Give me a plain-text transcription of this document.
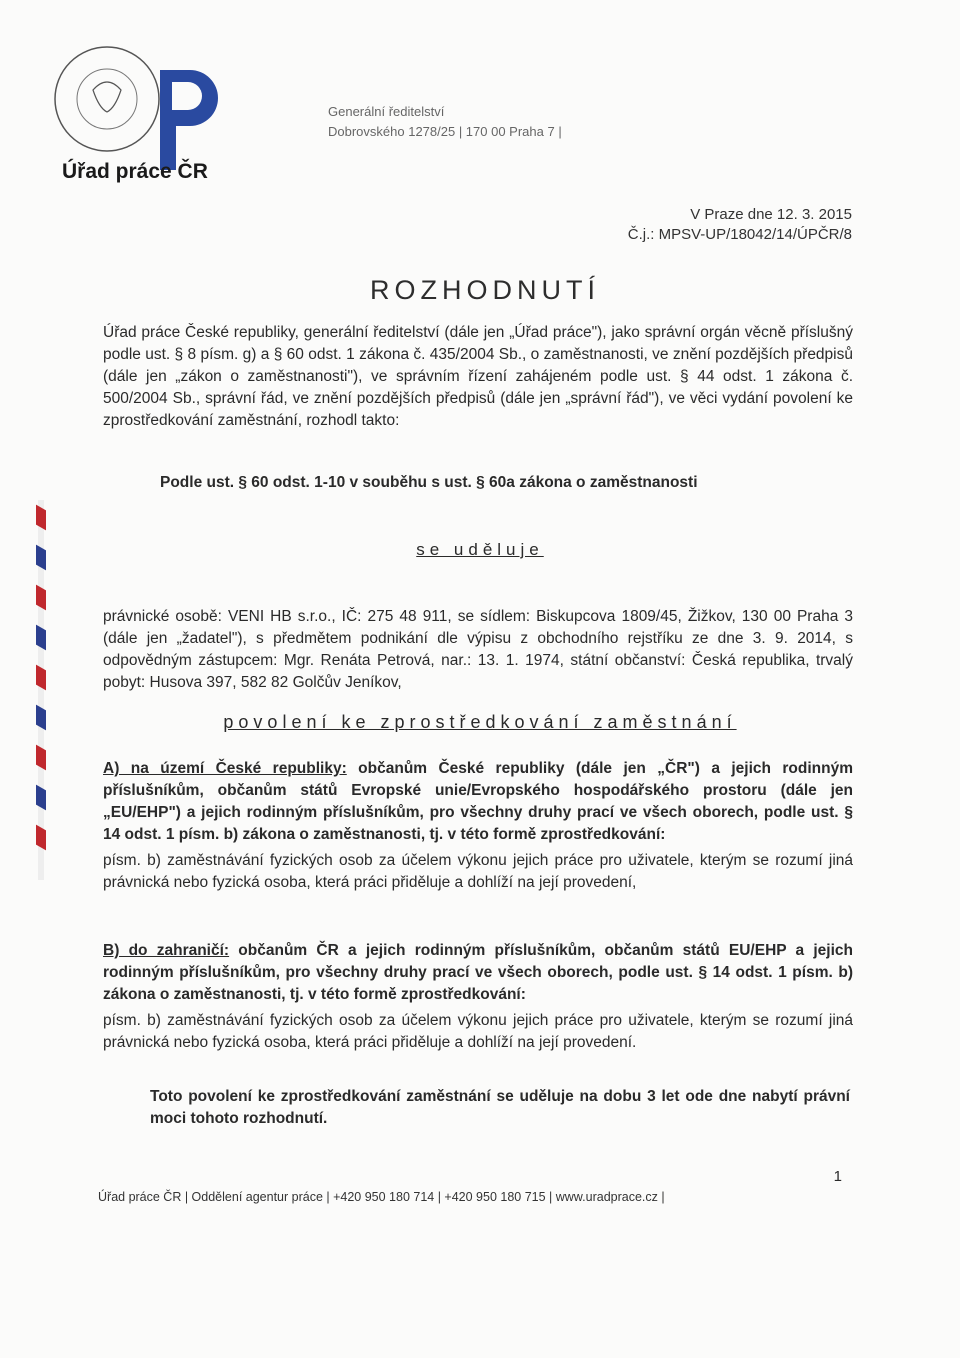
Úřad práce ČR
Generální ředitelství
Dobrovského 1278/25 | 170 00 Praha 7 |
V Praze dne 12. 3. 2015
Č.j.: MPSV-UP/18042/14/ÚPČR/8
ROZHODNUTÍ
Úřad práce České republiky, generální ředitelství (dále jen „Úřad práce"), jako správní orgán věcně příslušný podle ust. § 8 písm. g) a § 60 odst. 1 zákona č. 435/2004 Sb., o zaměstnanosti, ve znění pozdějších předpisů (dále jen „zákon o zaměstnanosti"), ve správním řízení zahájeném podle ust. § 44 odst. 1 zákona č. 500/2004 Sb., správní řád, ve znění pozdějších předpisů (dále jen „správní řád"), ve věci vydání povolení ke zprostředkování zaměstnání, rozhodl takto:
Podle ust. § 60 odst. 1-10 v souběhu s ust. § 60a zákona o zaměstnanosti
se uděluje
právnické osobě: VENI HB s.r.o., IČ: 275 48 911, se sídlem: Biskupcova 1809/45, Žižkov, 130 00 Praha 3 (dále jen „žadatel"), s předmětem podnikání dle výpisu z obchodního rejstříku ze dne 3. 9. 2014, s odpovědným zástupcem: Mgr. Renáta Petrová, nar.: 13. 1. 1974, státní občanství: Česká republika, trvalý pobyt: Husova 397, 582 82 Golčův Jeníkov,
povolení ke zprostředkování zaměstnání
A) na území České republiky: občanům České republiky (dále jen „ČR") a jejich rodinným příslušníkům, občanům států Evropské unie/Evropského hospodářského prostoru (dále jen „EU/EHP") a jejich rodinným příslušníkům, pro všechny druhy prací ve všech oborech, podle ust. § 14 odst. 1 písm. b) zákona o zaměstnanosti, tj. v této formě zprostředkování:
písm. b) zaměstnávání fyzických osob za účelem výkonu jejich práce pro uživatele, kterým se rozumí jiná právnická nebo fyzická osoba, která práci přiděluje a dohlíží na její provedení,
B) do zahraničí: občanům ČR a jejich rodinným příslušníkům, občanům států EU/EHP a jejich rodinným příslušníkům, pro všechny druhy prací ve všech oborech, podle ust. § 14 odst. 1 písm. b) zákona o zaměstnanosti, tj. v této formě zprostředkování:
písm. b) zaměstnávání fyzických osob za účelem výkonu jejich práce pro uživatele, kterým se rozumí jiná právnická nebo fyzická osoba, která práci přiděluje a dohlíží na její provedení.
Toto povolení ke zprostředkování zaměstnání se uděluje na dobu 3 let ode dne nabytí právní moci tohoto rozhodnutí.
1
Úřad práce ČR | Oddělení agentur práce | +420 950 180 714 | +420 950 180 715 | www.uradprace.cz |
